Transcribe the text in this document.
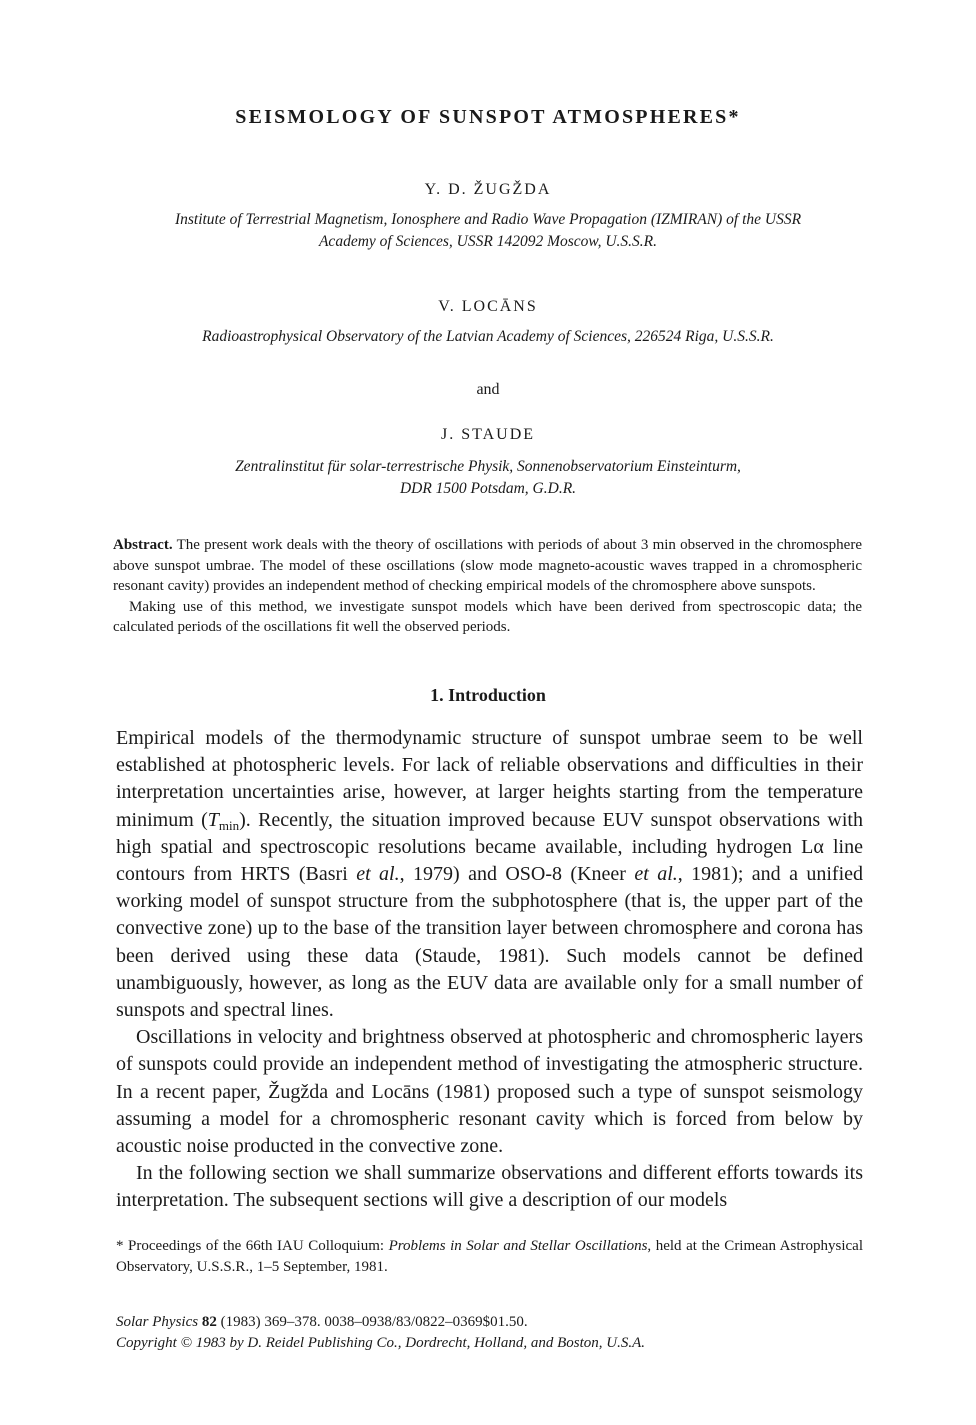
SEISMOLOGY OF SUNSPOT ATMOSPHERES*
Y. D. ŽUGŽDA
Institute of Terrestrial Magnetism, Ionosphere and Radio Wave Propagation (IZMIRAN) of the USSR
Academy of Sciences, USSR 142092 Moscow, U.S.S.R.
V. LOCĀNS
Radioastrophysical Observatory of the Latvian Academy of Sciences, 226524 Riga, U.S.S.R.
and
J. STAUDE
Zentralinstitut für solar-terrestrische Physik, Sonnenobservatorium Einsteinturm,
DDR 1500 Potsdam, G.D.R.

Abstract. The present work deals with the theory of oscillations with periods of about 3 min observed in the chromosphere above sunspot umbrae. The model of these oscillations (slow mode magneto-acoustic waves trapped in a chromospheric resonant cavity) provides an independent method of checking empirical models of the chromosphere above sunspots.

Making use of this method, we investigate sunspot models which have been derived from spectroscopic data; the calculated periods of the oscillations fit well the observed periods.

1. Introduction

Empirical models of the thermodynamic structure of sunspot umbrae seem to be well established at photospheric levels. For lack of reliable observations and difficulties in their interpretation uncertainties arise, however, at larger heights starting from the temperature minimum $(T_{min})$. Recently, the situation improved because EUV sunspot observations with high spatial and spectroscopic resolutions became available, including hydrogen Lα line contours from HRTS (Basri et al., 1979) and OSO-8 (Kneer et al., 1981); and a unified working model of sunspot structure from the subphotosphere (that is, the upper part of the convective zone) up to the base of the transition layer between chromosphere and corona has been derived using these data (Staude, 1981). Such models cannot be defined unambiguously, however, as long as the EUV data are available only for a small number of sunspots and spectral lines.

Oscillations in velocity and brightness observed at photospheric and chromospheric layers of sunspots could provide an independent method of investigating the atmospheric structure. In a recent paper, Žugžda and Locāns (1981) proposed such a type of sunspot seismology assuming a model for a chromospheric resonant cavity which is forced from below by acoustic noise producted in the convective zone.

In the following section we shall summarize observations and different efforts towards its interpretation. The subsequent sections will give a description of our models

* Proceedings of the 66th IAU Colloquium: Problems in Solar and Stellar Oscillations, held at the Crimean Astrophysical Observatory, U.S.S.R., 1–5 September, 1981.

Solar Physics 82 (1983) 369–378. 0038–0938/83/0822–0369$01.50.

Copyright © 1983 by D. Reidel Publishing Co., Dordrecht, Holland, and Boston, U.S.A.
